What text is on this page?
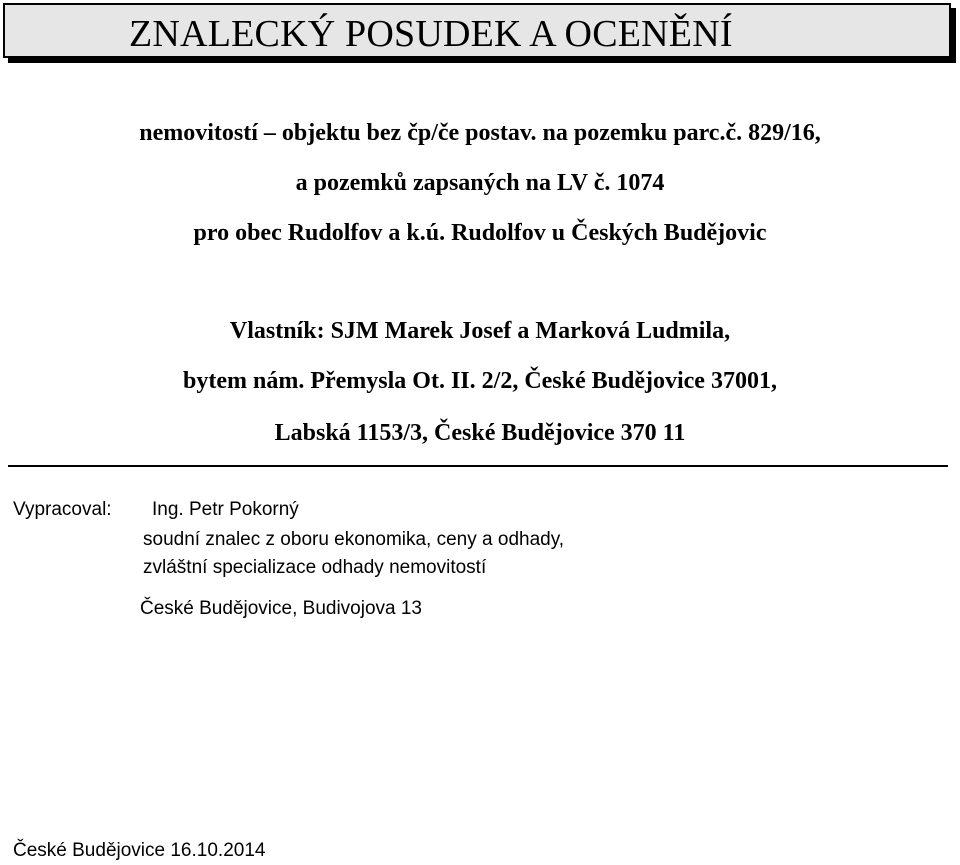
ZNALECKÝ POSUDEK A OCENĚNÍ
nemovitostí – objektu bez čp/če postav. na pozemku parc.č. 829/16,
a pozemků zapsaných na LV č. 1074
pro obec Rudolfov a k.ú. Rudolfov u Českých Budějovic
Vlastník: SJM Marek Josef a Marková Ludmila,
bytem nám. Přemysla Ot. II. 2/2, České Budějovice 37001,
Labská 1153/3, České Budějovice 370 11
Vypracoval: Ing. Petr Pokorný
soudní znalec z oboru ekonomika, ceny a odhady,
zvláštní specializace odhady nemovitostí
České Budějovice, Budivojova 13
České Budějovice 16.10.2014
